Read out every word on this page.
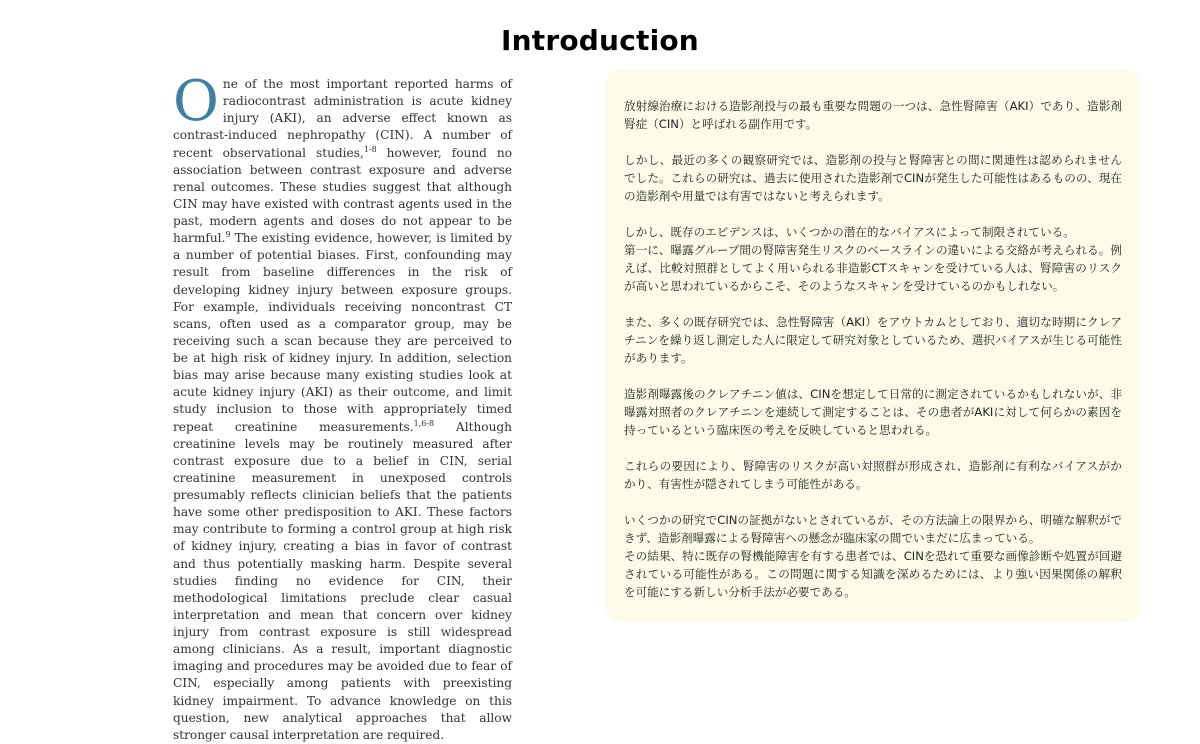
Introduction
One of the most important reported harms of radiocontrast administration is acute kidney injury (AKI), an adverse effect known as contrast-induced nephropathy (CIN). A number of recent observational studies,$^{1-8}$ however, found no association between contrast exposure and adverse renal outcomes. These studies suggest that although CIN may have existed with contrast agents used in the past, modern agents and doses do not appear to be harmful.$^9$ The existing evidence, however, is limited by a number of potential biases. First, confounding may result from baseline differences in the risk of developing kidney injury between exposure groups. For example, individuals receiving noncontrast CT scans, often used as a comparator group, may be receiving such a scan because they are perceived to be at high risk of kidney injury. In addition, selection bias may arise because many existing studies look at acute kidney injury (AKI) as their outcome, and limit study inclusion to those with appropriately timed repeat creatinine measurements.$^{1,6-8}$ Although creatinine levels may be routinely measured after contrast exposure due to a belief in CIN, serial creatinine measurement in unexposed controls presumably reflects clinician beliefs that the patients have some other predisposition to AKI. These factors may contribute to forming a control group at high risk of kidney injury, creating a bias in favor of contrast and thus potentially masking harm. Despite several studies finding no evidence for CIN, their methodological limitations preclude clear casual interpretation and mean that concern over kidney injury from contrast exposure is still widespread among clinicians. As a result, important diagnostic imaging and procedures may be avoided due to fear of CIN, especially among patients with preexisting kidney impairment. To advance knowledge on this question, new analytical approaches that allow stronger causal interpretation are required.

放射線治療における造影剤投与の最も重要な問題の一つは、急性腎障害（AKI）であり、造影剤腎症（CIN）と呼ばれる副作用です。

しかし、最近の多くの観察研究では、造影剤の投与と腎障害との間に関連性は認められませんでした。これらの研究は、過去に使用された造影剤でCINが発生した可能性はあるものの、現在の造影剤や用量では有害ではないと考えられます。

しかし、既存のエビデンスは、いくつかの潜在的なバイアスによって制限されている。
第一に、曝露グループ間の腎障害発生リスクのベースラインの違いによる交絡が考えられる。例えば、比較対照群としてよく用いられる非造影CTスキャンを受けている人は、腎障害のリスクが高いと思われているからこそ、そのようなスキャンを受けているのかもしれない。

また、多くの既存研究では、急性腎障害（AKI）をアウトカムとしており、適切な時期にクレアチニンを繰り返し測定した人に限定して研究対象としているため、選択バイアスが生じる可能性があります。

造影剤曝露後のクレアチニン値は、CINを想定して日常的に測定されているかもしれないが、非曝露対照者のクレアチニンを連続して測定することは、その患者がAKIに対して何らかの素因を持っているという臨床医の考えを反映していると思われる。

これらの要因により、腎障害のリスクが高い対照群が形成され、造影剤に有利なバイアスがかかり、有害性が隠されてしまう可能性がある。

いくつかの研究でCINの証拠がないとされているが、その方法論上の限界から、明確な解釈ができず、造影剤曝露による腎障害への懸念が臨床家の間でいまだに広まっている。
その結果、特に既存の腎機能障害を有する患者では、CINを恐れて重要な画像診断や処置が回避されている可能性がある。この問題に関する知識を深めるためには、より強い因果関係の解釈を可能にする新しい分析手法が必要である。
